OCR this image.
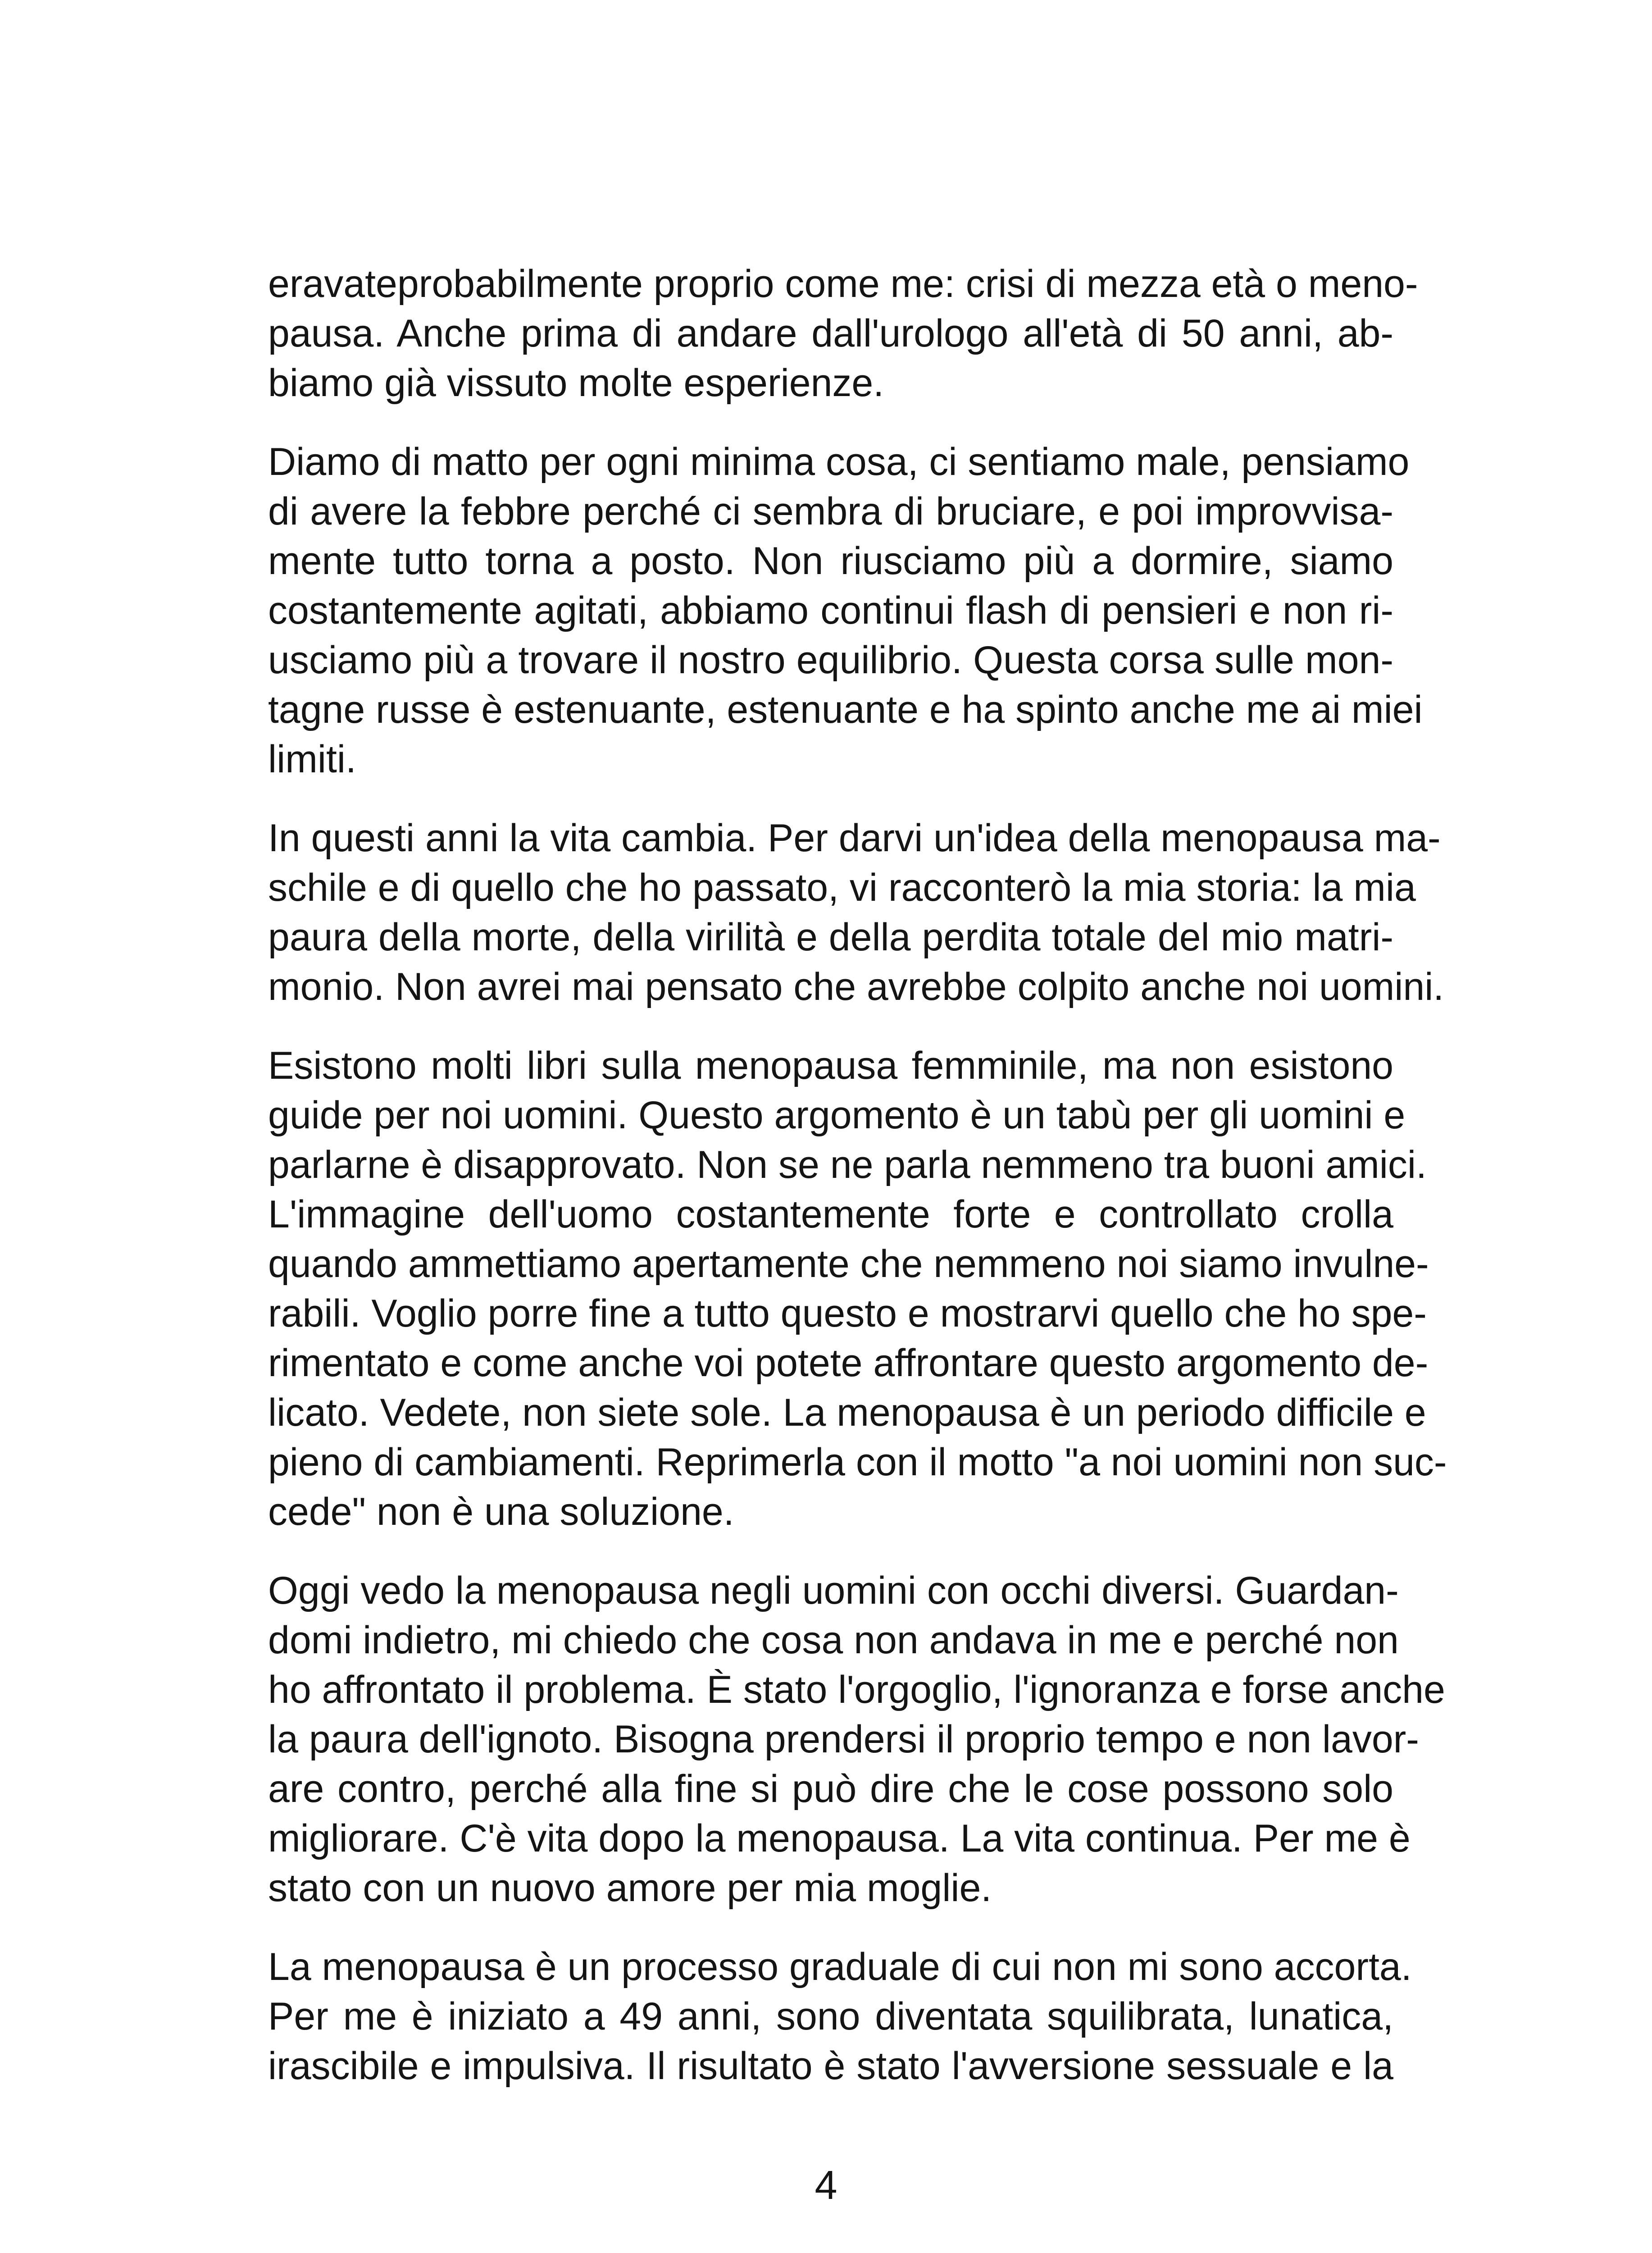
eravateprobabilmente proprio come me: crisi di mezza età o meno-
pausa. Anche prima di andare dall'urologo all'età di 50 anni, ab-
biamo già vissuto molte esperienze.

Diamo di matto per ogni minima cosa, ci sentiamo male, pensiamo
di avere la febbre perché ci sembra di bruciare, e poi improvvisa-
mente tutto torna a posto. Non riusciamo più a dormire, siamo
costantemente agitati, abbiamo continui flash di pensieri e non ri-
usciamo più a trovare il nostro equilibrio. Questa corsa sulle mon-
tagne russe è estenuante, estenuante e ha spinto anche me ai miei
limiti.

In questi anni la vita cambia. Per darvi un'idea della menopausa ma-
schile e di quello che ho passato, vi racconterò la mia storia: la mia
paura della morte, della virilità e della perdita totale del mio matri-
monio. Non avrei mai pensato che avrebbe colpito anche noi uomini.

Esistono molti libri sulla menopausa femminile, ma non esistono
guide per noi uomini. Questo argomento è un tabù per gli uomini e
parlarne è disapprovato. Non se ne parla nemmeno tra buoni amici.
L'immagine dell'uomo costantemente forte e controllato crolla
quando ammettiamo apertamente che nemmeno noi siamo invulne-
rabili. Voglio porre fine a tutto questo e mostrarvi quello che ho spe-
rimentato e come anche voi potete affrontare questo argomento de-
licato. Vedete, non siete sole. La menopausa è un periodo difficile e
pieno di cambiamenti. Reprimerla con il motto "a noi uomini non suc-
cede" non è una soluzione.

Oggi vedo la menopausa negli uomini con occhi diversi. Guardan-
domi indietro, mi chiedo che cosa non andava in me e perché non
ho affrontato il problema. È stato l'orgoglio, l'ignoranza e forse anche
la paura dell'ignoto. Bisogna prendersi il proprio tempo e non lavor-
are contro, perché alla fine si può dire che le cose possono solo
migliorare. C'è vita dopo la menopausa. La vita continua. Per me è
stato con un nuovo amore per mia moglie.

La menopausa è un processo graduale di cui non mi sono accorta.
Per me è iniziato a 49 anni, sono diventata squilibrata, lunatica,
irascibile e impulsiva. Il risultato è stato l'avversione sessuale e la

4
